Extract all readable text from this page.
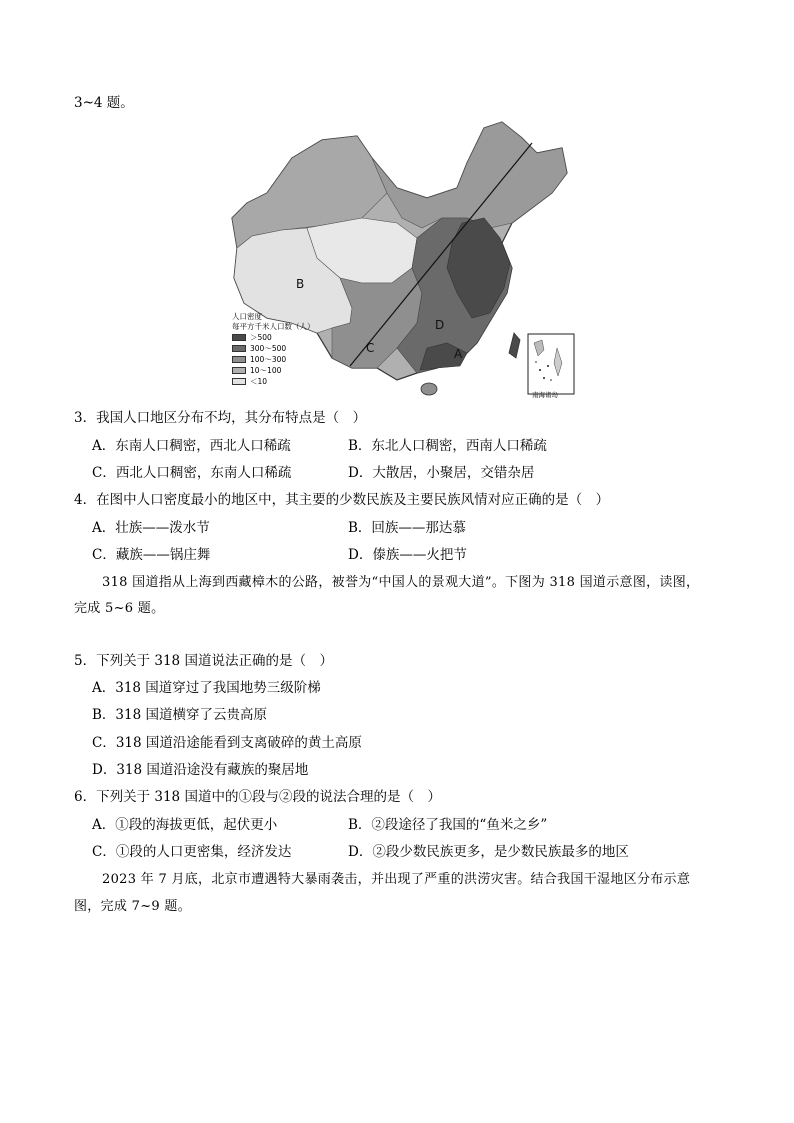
3~4 题。
B
C
D
A
人口密度
每平方千米人口数（人）
＞500
300～500
100～300
10～100
＜10
南海诸岛
3．我国人口地区分布不均，其分布特点是（　）
A．东南人口稠密，西北人口稀疏	B．东北人口稠密，西南人口稀疏
C．西北人口稠密，东南人口稀疏	D．大散居，小聚居，交错杂居
4．在图中人口密度最小的地区中，其主要的少数民族及主要民族风情对应正确的是（　）
A．壮族——泼水节	B．回族——那达慕
C．藏族——锅庄舞	D．傣族——火把节
318 国道指从上海到西藏樟木的公路，被誉为“中国人的景观大道”。下图为 318 国道示意图，读图，
完成 5~6 题。
5．下列关于 318 国道说法正确的是（　）
A．318 国道穿过了我国地势三级阶梯
B．318 国道横穿了云贵高原
C．318 国道沿途能看到支离破碎的黄土高原
D．318 国道沿途没有藏族的聚居地
6．下列关于 318 国道中的①段与②段的说法合理的是（　）
A．①段的海拔更低，起伏更小	B．②段途径了我国的“鱼米之乡”
C．①段的人口更密集，经济发达	D．②段少数民族更多，是少数民族最多的地区
2023 年 7 月底，北京市遭遇特大暴雨袭击，并出现了严重的洪涝灾害。结合我国干湿地区分布示意
图，完成 7~9 题。
